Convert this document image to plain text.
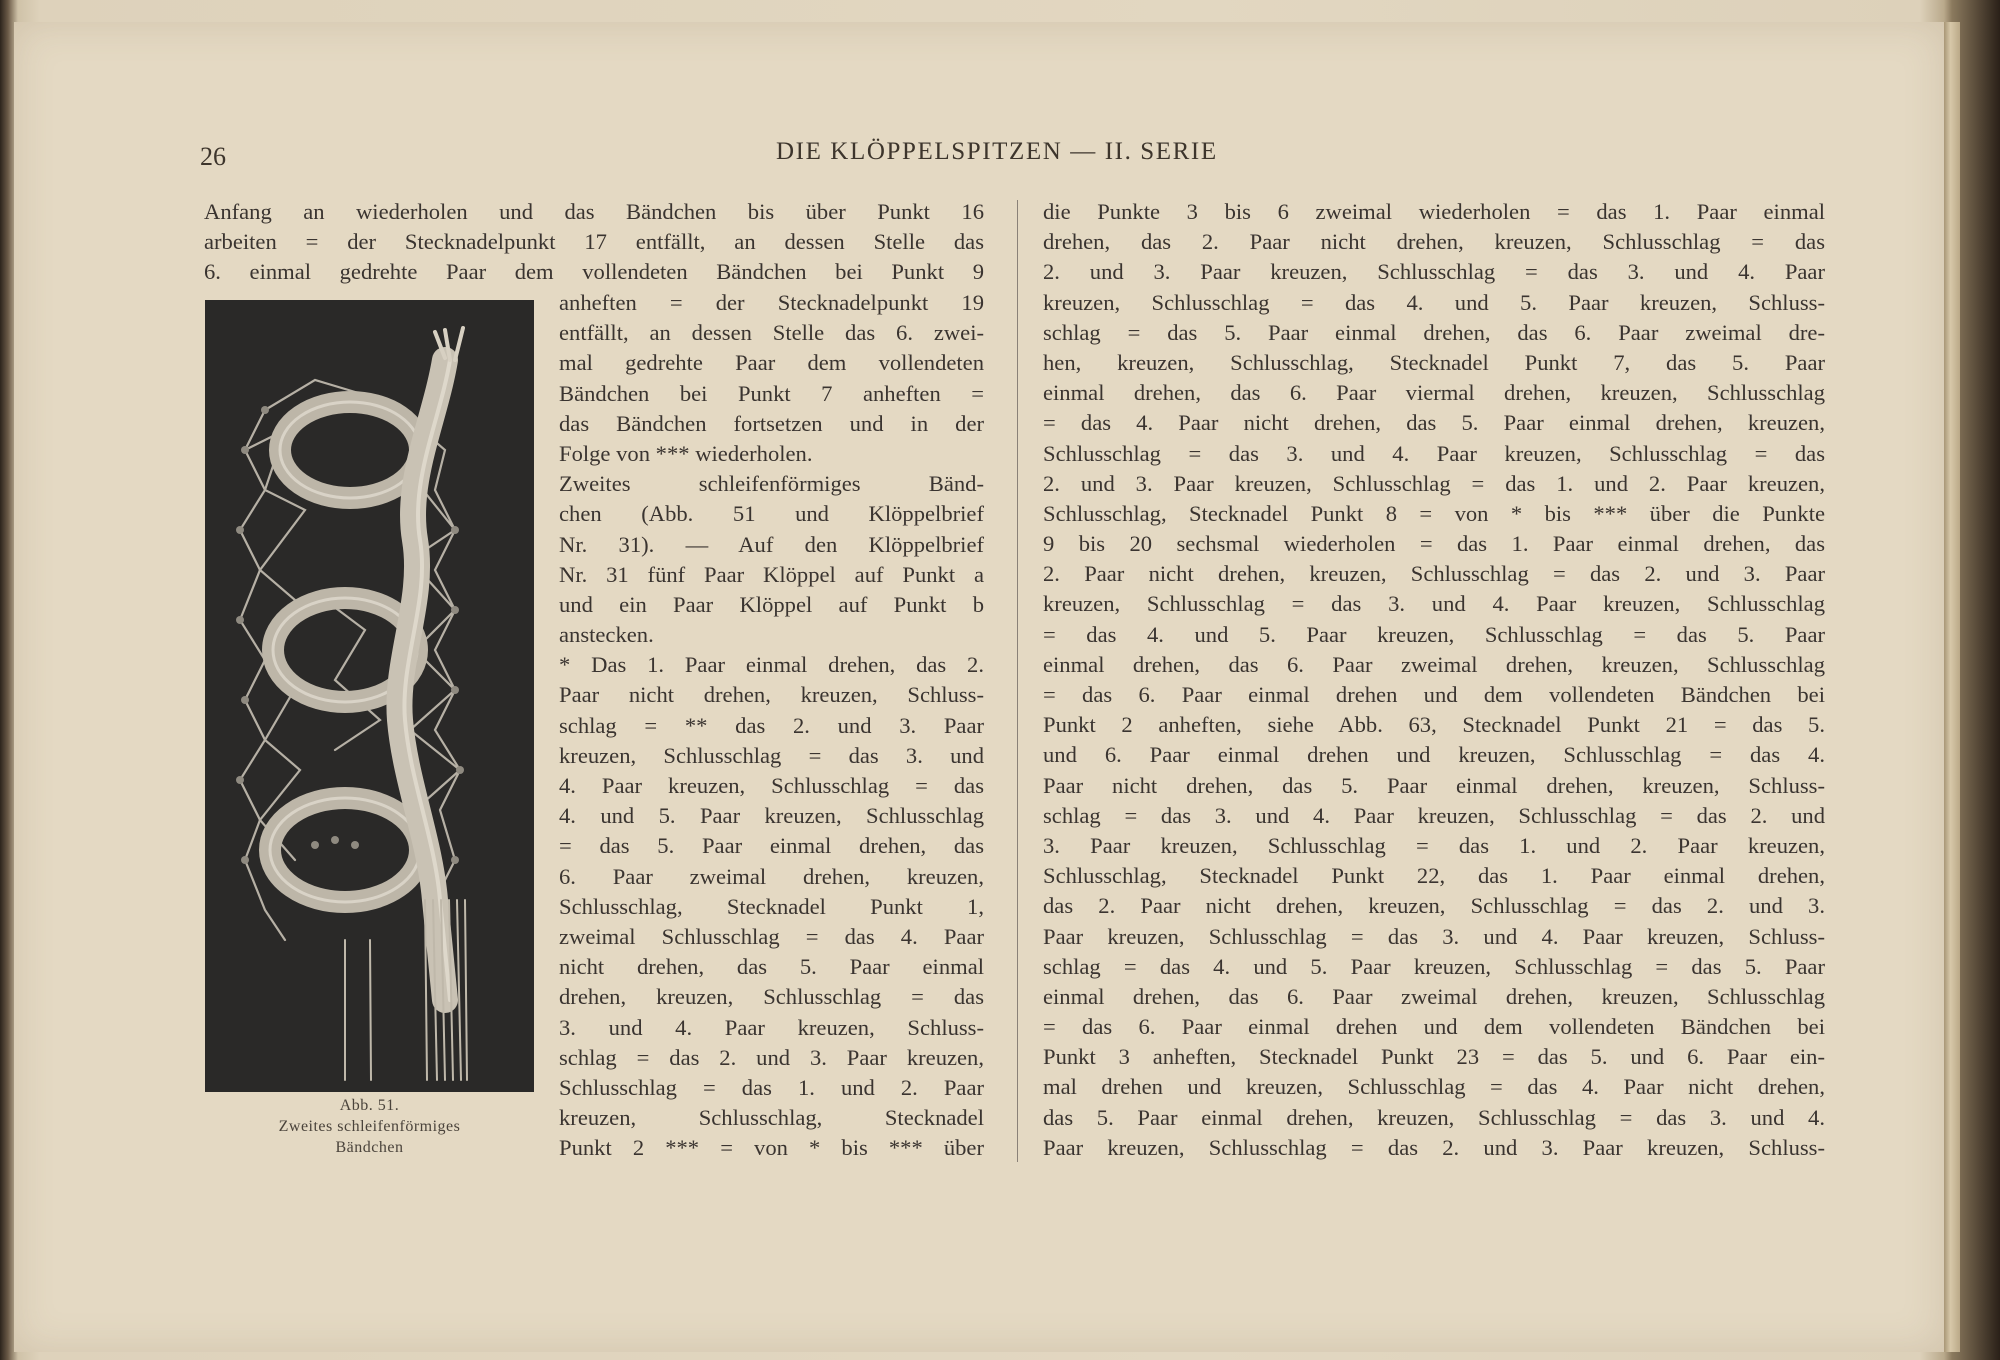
26	DIE KLÖPPELSPITZEN — II. SERIE
Anfang an wiederholen und das Bändchen bis über Punkt 16
arbeiten = der Stecknadelpunkt 17 entfällt, an dessen Stelle das
6. einmal gedrehte Paar dem vollendeten Bändchen bei Punkt 9
anheften = der Stecknadelpunkt 19
entfällt, an dessen Stelle das 6. zwei-
mal gedrehte Paar dem vollendeten
Bändchen bei Punkt 7 anheften =
das Bändchen fortsetzen und in der
Folge von *** wiederholen.
Zweites schleifenförmiges Bänd-
chen (Abb. 51 und Klöppelbrief
Nr. 31). — Auf den Klöppelbrief
Nr. 31 fünf Paar Klöppel auf Punkt a
und ein Paar Klöppel auf Punkt b
anstecken.
* Das 1. Paar einmal drehen, das 2.
Paar nicht drehen, kreuzen, Schluss-
schlag = ** das 2. und 3. Paar
kreuzen, Schlusschlag = das 3. und
4. Paar kreuzen, Schlusschlag = das
4. und 5. Paar kreuzen, Schlusschlag
= das 5. Paar einmal drehen, das
6. Paar zweimal drehen, kreuzen,
Schlusschlag, Stecknadel Punkt 1,
zweimal Schlusschlag = das 4. Paar
nicht drehen, das 5. Paar einmal
drehen, kreuzen, Schlusschlag = das
3. und 4. Paar kreuzen, Schluss-
schlag = das 2. und 3. Paar kreuzen,
Schlusschlag = das 1. und 2. Paar
kreuzen, Schlusschlag, Stecknadel
Punkt 2 *** = von * bis *** über
die Punkte 3 bis 6 zweimal wiederholen = das 1. Paar einmal
drehen, das 2. Paar nicht drehen, kreuzen, Schlusschlag = das
2. und 3. Paar kreuzen, Schlusschlag = das 3. und 4. Paar
kreuzen, Schlusschlag = das 4. und 5. Paar kreuzen, Schluss-
schlag = das 5. Paar einmal drehen, das 6. Paar zweimal dre-
hen, kreuzen, Schlusschlag, Stecknadel Punkt 7, das 5. Paar
einmal drehen, das 6. Paar viermal drehen, kreuzen, Schlusschlag
= das 4. Paar nicht drehen, das 5. Paar einmal drehen, kreuzen,
Schlusschlag = das 3. und 4. Paar kreuzen, Schlusschlag = das
2. und 3. Paar kreuzen, Schlusschlag = das 1. und 2. Paar kreuzen,
Schlusschlag, Stecknadel Punkt 8 = von * bis *** über die Punkte
9 bis 20 sechsmal wiederholen = das 1. Paar einmal drehen, das
2. Paar nicht drehen, kreuzen, Schlusschlag = das 2. und 3. Paar
kreuzen, Schlusschlag = das 3. und 4. Paar kreuzen, Schlusschlag
= das 4. und 5. Paar kreuzen, Schlusschlag = das 5. Paar
einmal drehen, das 6. Paar zweimal drehen, kreuzen, Schlusschlag
= das 6. Paar einmal drehen und dem vollendeten Bändchen bei
Punkt 2 anheften, siehe Abb. 63, Stecknadel Punkt 21 = das 5.
und 6. Paar einmal drehen und kreuzen, Schlusschlag = das 4.
Paar nicht drehen, das 5. Paar einmal drehen, kreuzen, Schluss-
schlag = das 3. und 4. Paar kreuzen, Schlusschlag = das 2. und
3. Paar kreuzen, Schlusschlag = das 1. und 2. Paar kreuzen,
Schlusschlag, Stecknadel Punkt 22, das 1. Paar einmal drehen,
das 2. Paar nicht drehen, kreuzen, Schlusschlag = das 2. und 3.
Paar kreuzen, Schlusschlag = das 3. und 4. Paar kreuzen, Schluss-
schlag = das 4. und 5. Paar kreuzen, Schlusschlag = das 5. Paar
einmal drehen, das 6. Paar zweimal drehen, kreuzen, Schlusschlag
= das 6. Paar einmal drehen und dem vollendeten Bändchen bei
Punkt 3 anheften, Stecknadel Punkt 23 = das 5. und 6. Paar ein-
mal drehen und kreuzen, Schlusschlag = das 4. Paar nicht drehen,
das 5. Paar einmal drehen, kreuzen, Schlusschlag = das 3. und 4.
Paar kreuzen, Schlusschlag = das 2. und 3. Paar kreuzen, Schluss-
Abb. 51.
Zweites schleifenförmiges
Bändchen
